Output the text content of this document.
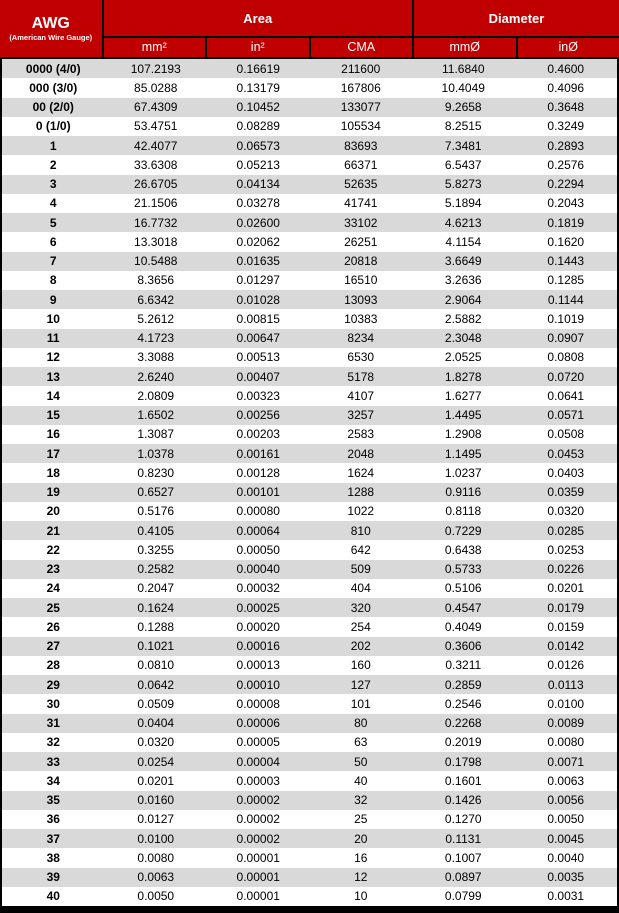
AWG
(American Wire Gauge)
Area	Diameter
mm²	in²	CMA	mmØ	inØ
0000 (4/0)	107.2193	0.16619	211600	11.6840	0.4600
000 (3/0)	85.0288	0.13179	167806	10.4049	0.4096
00 (2/0)	67.4309	0.10452	133077	9.2658	0.3648
0 (1/0)	53.4751	0.08289	105534	8.2515	0.3249
1	42.4077	0.06573	83693	7.3481	0.2893
2	33.6308	0.05213	66371	6.5437	0.2576
3	26.6705	0.04134	52635	5.8273	0.2294
4	21.1506	0.03278	41741	5.1894	0.2043
5	16.7732	0.02600	33102	4.6213	0.1819
6	13.3018	0.02062	26251	4.1154	0.1620
7	10.5488	0.01635	20818	3.6649	0.1443
8	8.3656	0.01297	16510	3.2636	0.1285
9	6.6342	0.01028	13093	2.9064	0.1144
10	5.2612	0.00815	10383	2.5882	0.1019
11	4.1723	0.00647	8234	2.3048	0.0907
12	3.3088	0.00513	6530	2.0525	0.0808
13	2.6240	0.00407	5178	1.8278	0.0720
14	2.0809	0.00323	4107	1.6277	0.0641
15	1.6502	0.00256	3257	1.4495	0.0571
16	1.3087	0.00203	2583	1.2908	0.0508
17	1.0378	0.00161	2048	1.1495	0.0453
18	0.8230	0.00128	1624	1.0237	0.0403
19	0.6527	0.00101	1288	0.9116	0.0359
20	0.5176	0.00080	1022	0.8118	0.0320
21	0.4105	0.00064	810	0.7229	0.0285
22	0.3255	0.00050	642	0.6438	0.0253
23	0.2582	0.00040	509	0.5733	0.0226
24	0.2047	0.00032	404	0.5106	0.0201
25	0.1624	0.00025	320	0.4547	0.0179
26	0.1288	0.00020	254	0.4049	0.0159
27	0.1021	0.00016	202	0.3606	0.0142
28	0.0810	0.00013	160	0.3211	0.0126
29	0.0642	0.00010	127	0.2859	0.0113
30	0.0509	0.00008	101	0.2546	0.0100
31	0.0404	0.00006	80	0.2268	0.0089
32	0.0320	0.00005	63	0.2019	0.0080
33	0.0254	0.00004	50	0.1798	0.0071
34	0.0201	0.00003	40	0.1601	0.0063
35	0.0160	0.00002	32	0.1426	0.0056
36	0.0127	0.00002	25	0.1270	0.0050
37	0.0100	0.00002	20	0.1131	0.0045
38	0.0080	0.00001	16	0.1007	0.0040
39	0.0063	0.00001	12	0.0897	0.0035
40	0.0050	0.00001	10	0.0799	0.0031
